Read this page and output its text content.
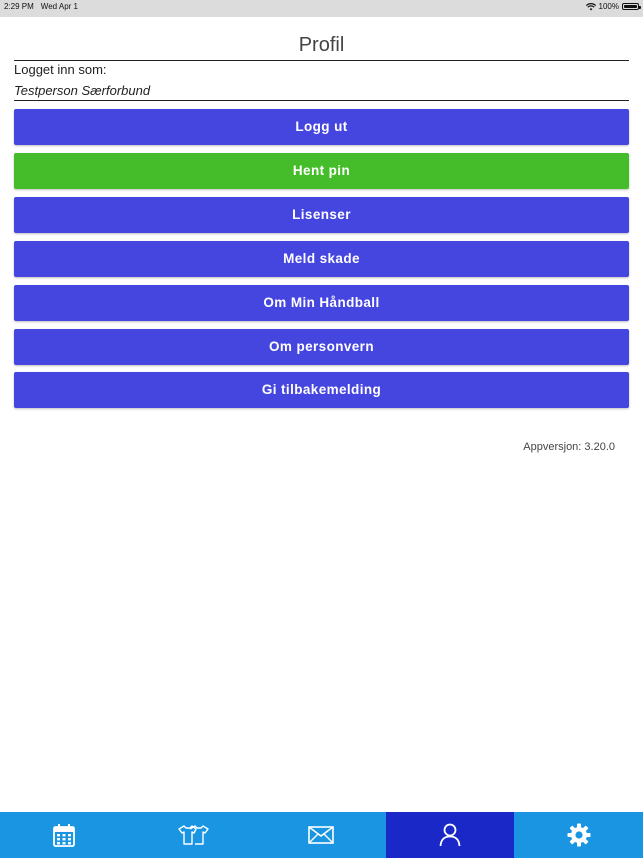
2:29 PM Wed Apr 1	100%
Profil
Logget inn som:
Testperson Særforbund
Logg ut
Hent pin
Lisenser
Meld skade
Om Min Håndball
Om personvern
Gi tilbakemelding
Appversjon: 3.20.0
